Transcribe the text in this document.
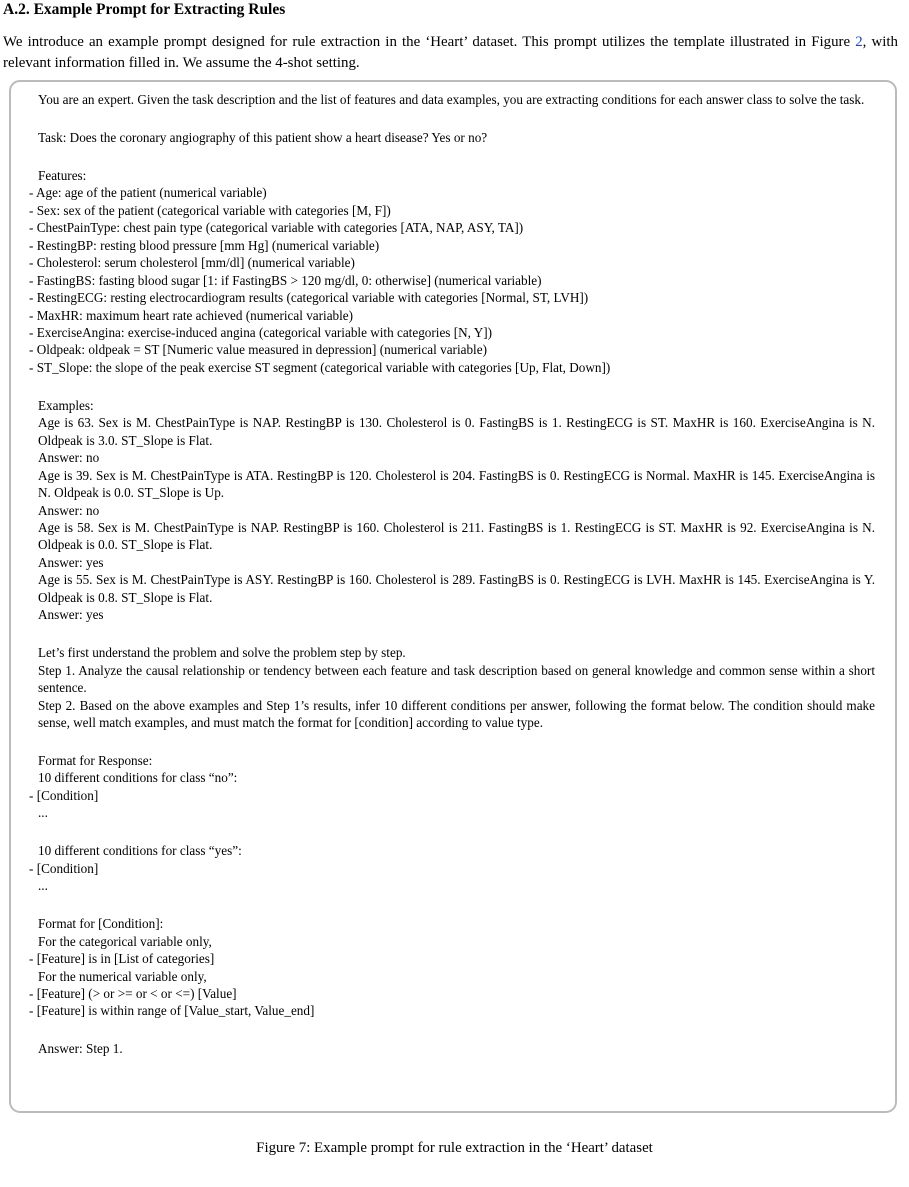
A.2. Example Prompt for Extracting Rules
We introduce an example prompt designed for rule extraction in the ‘Heart’ dataset. This prompt utilizes the template illustrated in Figure 2, with relevant information filled in. We assume the 4-shot setting.
You are an expert. Given the task description and the list of features and data examples, you are extracting conditions for each answer class to solve the task.
Task: Does the coronary angiography of this patient show a heart disease? Yes or no?
Features:
- Age: age of the patient (numerical variable)
- Sex: sex of the patient (categorical variable with categories [M, F])
- ChestPainType: chest pain type (categorical variable with categories [ATA, NAP, ASY, TA])
- RestingBP: resting blood pressure [mm Hg] (numerical variable)
- Cholesterol: serum cholesterol [mm/dl] (numerical variable)
- FastingBS: fasting blood sugar [1: if FastingBS > 120 mg/dl, 0: otherwise] (numerical variable)
- RestingECG: resting electrocardiogram results (categorical variable with categories [Normal, ST, LVH])
- MaxHR: maximum heart rate achieved (numerical variable)
- ExerciseAngina: exercise-induced angina (categorical variable with categories [N, Y])
- Oldpeak: oldpeak = ST [Numeric value measured in depression] (numerical variable)
- ST_Slope: the slope of the peak exercise ST segment (categorical variable with categories [Up, Flat, Down])
Examples:
Age is 63. Sex is M. ChestPainType is NAP. RestingBP is 130. Cholesterol is 0. FastingBS is 1. RestingECG is ST. MaxHR is 160. ExerciseAngina is N. Oldpeak is 3.0. ST_Slope is Flat.
Answer: no
Age is 39. Sex is M. ChestPainType is ATA. RestingBP is 120. Cholesterol is 204. FastingBS is 0. RestingECG is Normal. MaxHR is 145. ExerciseAngina is N. Oldpeak is 0.0. ST_Slope is Up.
Answer: no
Age is 58. Sex is M. ChestPainType is NAP. RestingBP is 160. Cholesterol is 211. FastingBS is 1. RestingECG is ST. MaxHR is 92. ExerciseAngina is N. Oldpeak is 0.0. ST_Slope is Flat.
Answer: yes
Age is 55. Sex is M. ChestPainType is ASY. RestingBP is 160. Cholesterol is 289. FastingBS is 0. RestingECG is LVH. MaxHR is 145. ExerciseAngina is Y. Oldpeak is 0.8. ST_Slope is Flat.
Answer: yes
Let’s first understand the problem and solve the problem step by step.
Step 1. Analyze the causal relationship or tendency between each feature and task description based on general knowledge and common sense within a short sentence.
Step 2. Based on the above examples and Step 1’s results, infer 10 different conditions per answer, following the format below. The condition should make sense, well match examples, and must match the format for [condition] according to value type.
Format for Response:
10 different conditions for class “no”:
- [Condition]
...
10 different conditions for class “yes”:
- [Condition]
...
Format for [Condition]:
For the categorical variable only,
- [Feature] is in [List of categories]
For the numerical variable only,
- [Feature] (> or >= or < or <=) [Value]
- [Feature] is within range of [Value_start, Value_end]
Answer: Step 1.
Figure 7: Example prompt for rule extraction in the ‘Heart’ dataset
